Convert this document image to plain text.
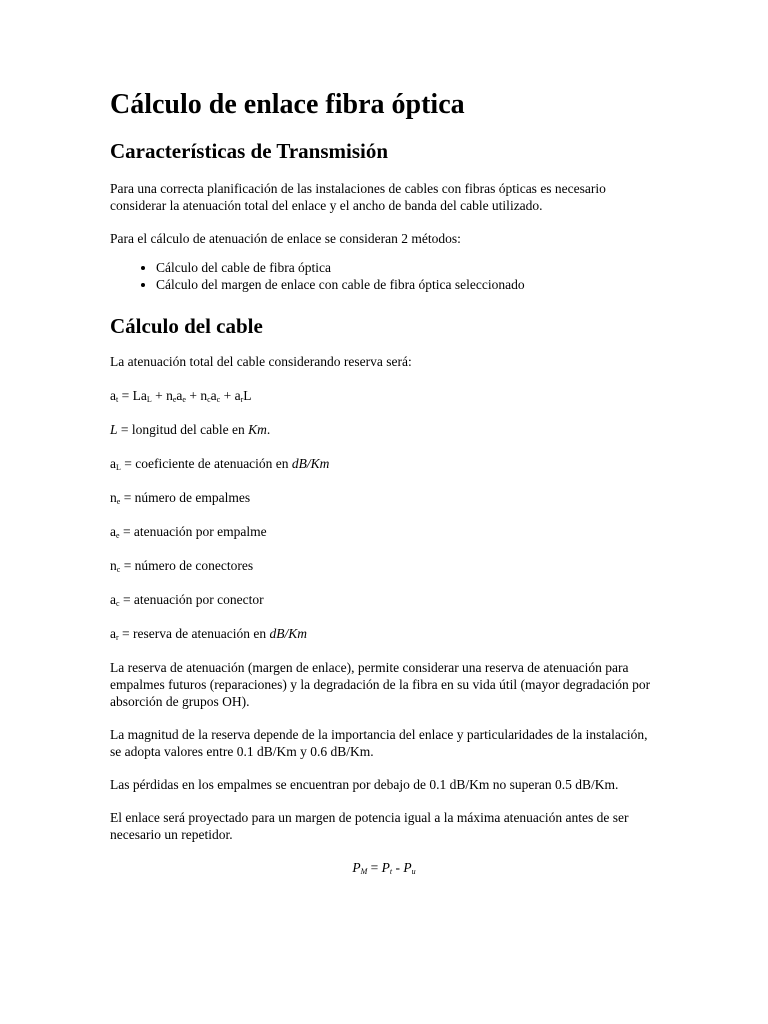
Cálculo de enlace fibra óptica
Características de Transmisión

Para una correcta planificación de las instalaciones de cables con fibras ópticas es necesario considerar la atenuación total del enlace y el ancho de banda del cable utilizado.

Para el cálculo de atenuación de enlace se consideran 2 métodos:

• Cálculo del cable de fibra óptica
• Cálculo del margen de enlace con cable de fibra óptica seleccionado
Cálculo del cable

La atenuación total del cable considerando reserva será:

$a_t = La_L + n_ea_e + n_ca_c + a_rL$

L = longitud del cable en Km.

$a_L$ = coeficiente de atenuación en dB/Km

$n_e$ = número de empalmes

$a_e$ = atenuación por empalme

$n_c$ = número de conectores

$a_c$ = atenuación por conector

$a_r$ = reserva de atenuación en dB/Km

La reserva de atenuación (margen de enlace), permite considerar una reserva de atenuación para empalmes futuros (reparaciones) y la degradación de la fibra en su vida útil (mayor degradación por absorción de grupos OH).

La magnitud de la reserva depende de la importancia del enlace y particularidades de la instalación, se adopta valores entre 0.1 dB/Km y 0.6 dB/Km.

Las pérdidas en los empalmes se encuentran por debajo de 0.1 dB/Km no superan 0.5 dB/Km.

El enlace será proyectado para un margen de potencia igual a la máxima atenuación antes de ser necesario un repetidor.

$P_M = P_t - P_u$
